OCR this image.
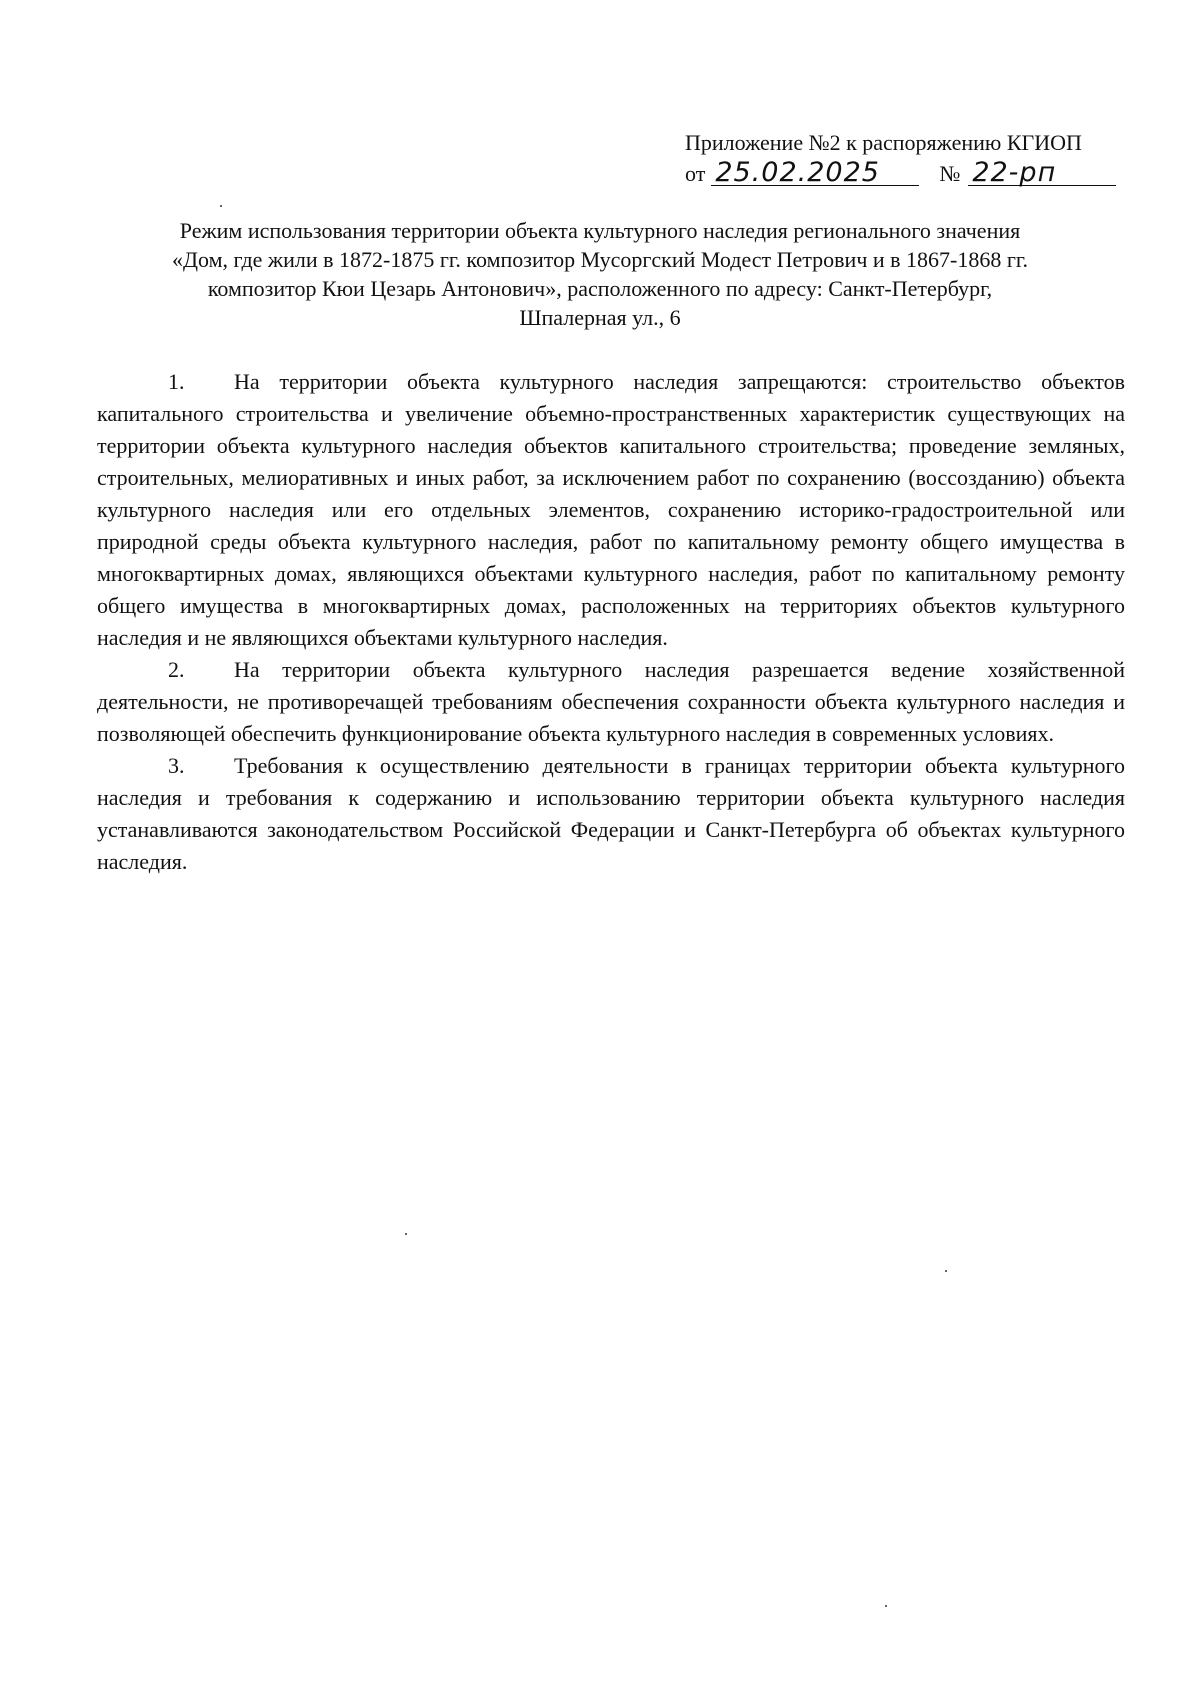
Приложение №2 к распоряжению КГИОП
от 25.02.2025	№ 22-рп
Режим использования территории объекта культурного наследия регионального значения
«Дом, где жили в 1872-1875 гг. композитор Мусоргский Модест Петрович и в 1867-1868 гг.
композитор Кюи Цезарь Антонович», расположенного по адресу: Санкт-Петербург,
Шпалерная ул., 6

1. На территории объекта культурного наследия запрещаются: строительство объектов капитального строительства и увеличение объемно-пространственных характеристик существующих на территории объекта культурного наследия объектов капитального строительства; проведение земляных, строительных, мелиоративных и иных работ, за исключением работ по сохранению (воссозданию) объекта культурного наследия или его отдельных элементов, сохранению историко-градостроительной или природной среды объекта культурного наследия, работ по капитальному ремонту общего имущества в многоквартирных домах, являющихся объектами культурного наследия, работ по капитальному ремонту общего имущества в многоквартирных домах, расположенных на территориях объектов культурного наследия и не являющихся объектами культурного наследия.

2. На территории объекта культурного наследия разрешается ведение хозяйственной деятельности, не противоречащей требованиям обеспечения сохранности объекта культурного наследия и позволяющей обеспечить функционирование объекта культурного наследия в современных условиях.

3. Требования к осуществлению деятельности в границах территории объекта культурного наследия и требования к содержанию и использованию территории объекта культурного наследия устанавливаются законодательством Российской Федерации и Санкт-Петербурга об объектах культурного наследия.
